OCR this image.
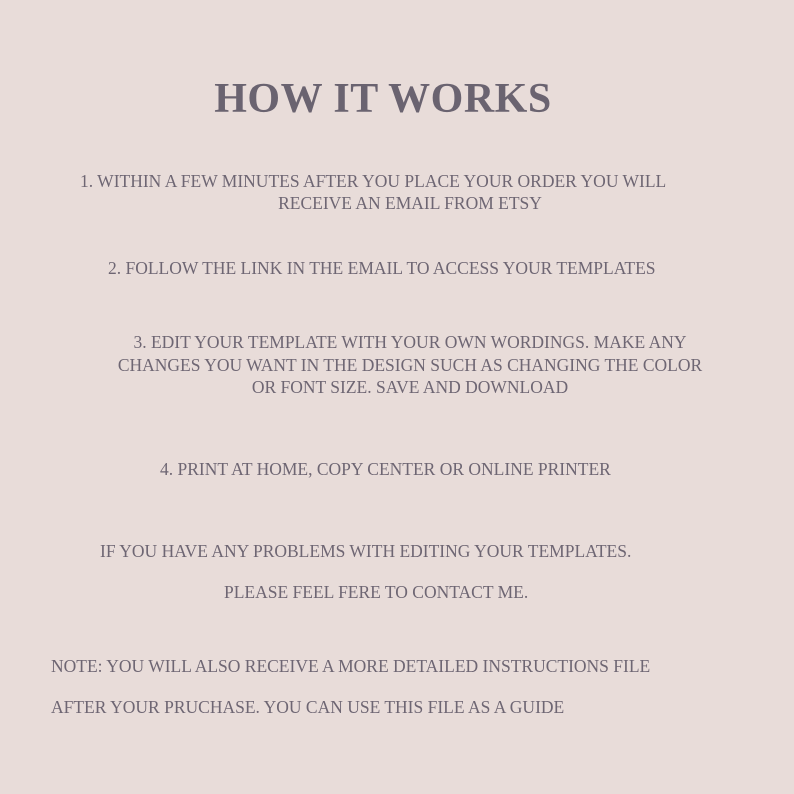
HOW IT WORKS
1. WITHIN A FEW MINUTES AFTER YOU PLACE YOUR ORDER YOU WILL
RECEIVE AN EMAIL FROM ETSY
2. FOLLOW THE LINK IN THE EMAIL TO ACCESS YOUR TEMPLATES
3. EDIT YOUR TEMPLATE WITH YOUR OWN WORDINGS. MAKE ANY
CHANGES YOU WANT IN THE DESIGN SUCH AS CHANGING THE COLOR
OR FONT SIZE. SAVE AND DOWNLOAD
4. PRINT AT HOME, COPY CENTER OR ONLINE PRINTER
IF YOU HAVE ANY PROBLEMS WITH EDITING YOUR TEMPLATES.
PLEASE FEEL FERE TO CONTACT ME.
NOTE: YOU WILL ALSO RECEIVE A MORE DETAILED INSTRUCTIONS FILE
AFTER YOUR PRUCHASE. YOU CAN USE THIS FILE AS A GUIDE
